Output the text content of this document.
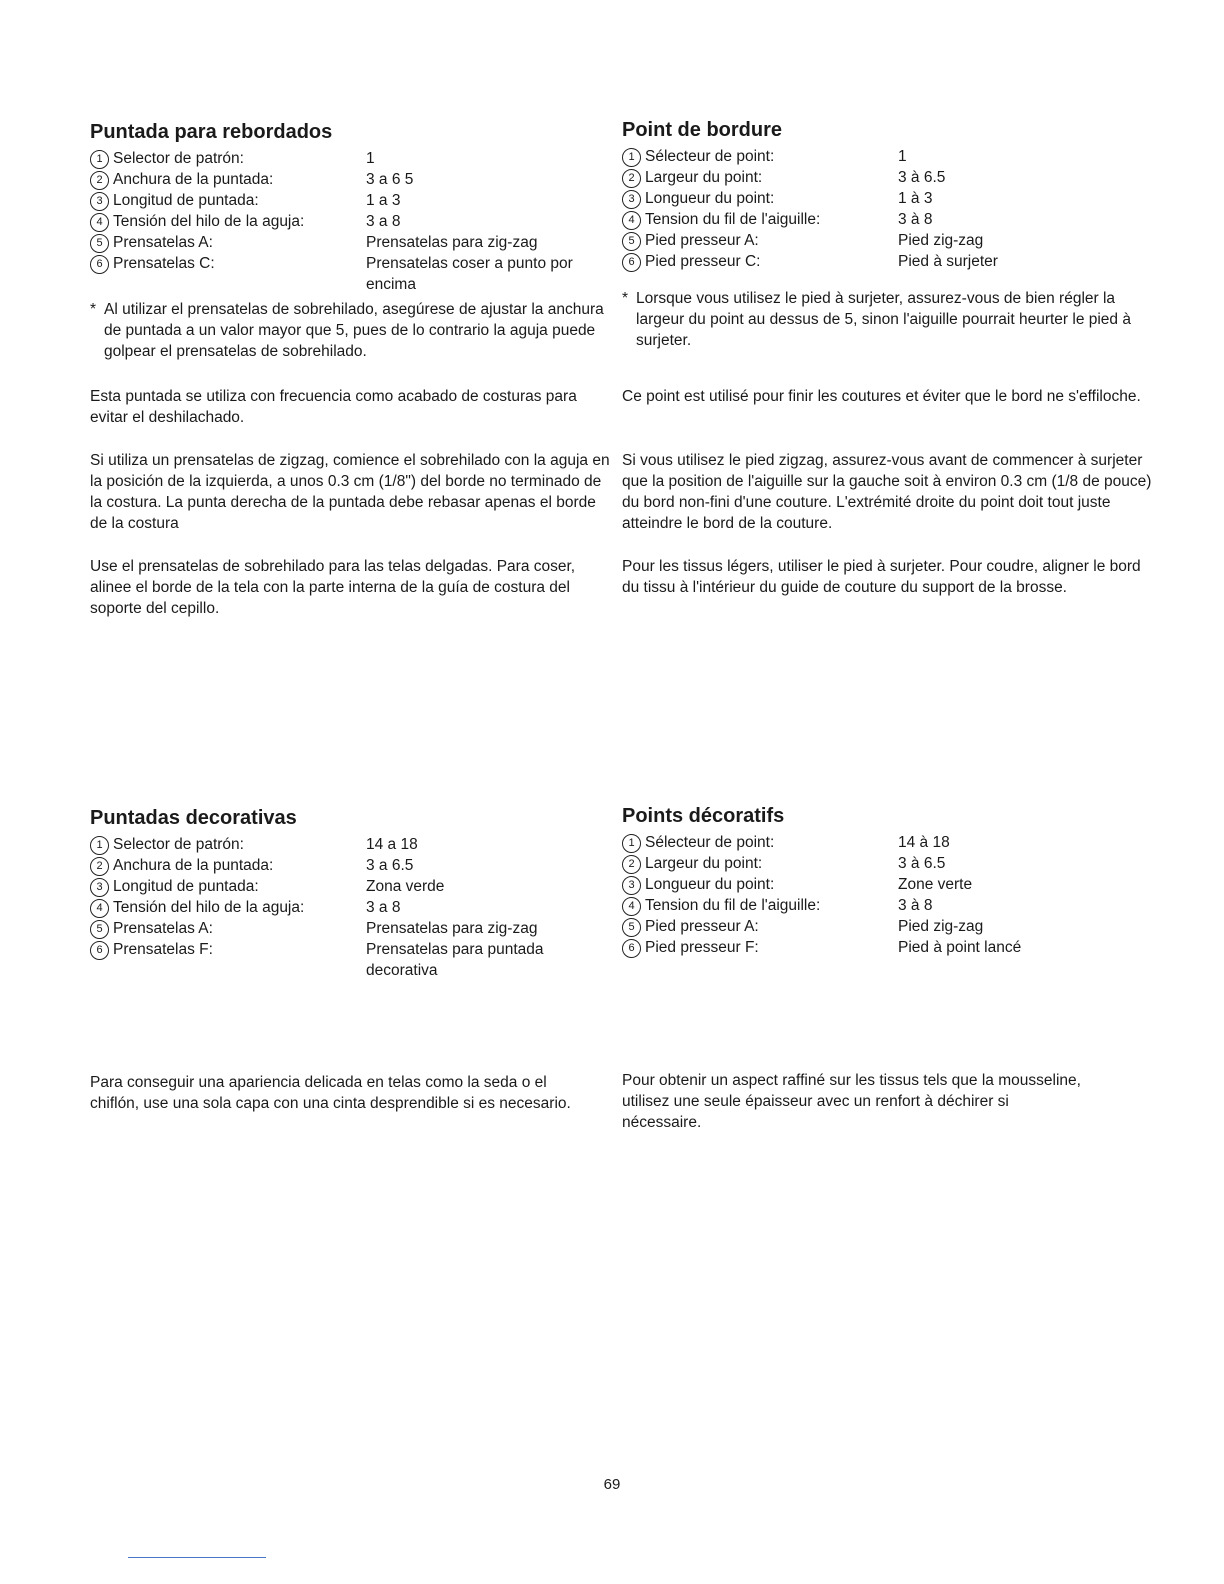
Puntada para rebordados
1 Selector de patrón:	1
2 Anchura de la puntada:	3 a 6 5
3 Longitud de puntada:	1 a 3
4 Tensión del hilo de la aguja:	3 a 8
5 Prensatelas A:	Prensatelas para zig-zag
6 Prensatelas C:	Prensatelas coser a punto por encima
* Al utilizar el prensatelas de sobrehilado, asegúrese de ajustar la anchura de puntada a un valor mayor que 5, pues de lo contrario la aguja puede golpear el prensatelas de sobrehilado.

Esta puntada se utiliza con frecuencia como acabado de costuras para evitar el deshilachado.

Si utiliza un prensatelas de zigzag, comience el sobrehilado con la aguja en la posición de la izquierda, a unos 0.3 cm (1/8") del borde no terminado de la costura. La punta derecha de la puntada debe rebasar apenas el borde de la costura

Use el prensatelas de sobrehilado para las telas delgadas. Para coser, alinee el borde de la tela con la parte interna de la guía de costura del soporte del cepillo.

Point de bordure
1 Sélecteur de point:	1
2 Largeur du point:	3 à 6.5
3 Longueur du point:	1 à 3
4 Tension du fil de l'aiguille:	3 à 8
5 Pied presseur A:	Pied zig-zag
6 Pied presseur C:	Pied à surjeter
* Lorsque vous utilisez le pied à surjeter, assurez-vous de bien régler la largeur du point au dessus de 5, sinon l'aiguille pourrait heurter le pied à surjeter.

Ce point est utilisé pour finir les coutures et éviter que le bord ne s'effiloche.

Si vous utilisez le pied zigzag, assurez-vous avant de commencer à surjeter que la position de l'aiguille sur la gauche soit à environ 0.3 cm (1/8 de pouce) du bord non-fini d'une couture. L'extrémité droite du point doit tout juste atteindre le bord de la couture.

Pour les tissus légers, utiliser le pied à surjeter. Pour coudre, aligner le bord du tissu à l'intérieur du guide de couture du support de la brosse.

Puntadas decorativas
1 Selector de patrón:	14 a 18
2 Anchura de la puntada:	3 a 6.5
3 Longitud de puntada:	Zona verde
4 Tensión del hilo de la aguja:	3 a 8
5 Prensatelas A:	Prensatelas para zig-zag
6 Prensatelas F:	Prensatelas para puntada decorativa

Para conseguir una apariencia delicada en telas como la seda o el chiflón, use una sola capa con una cinta desprendible si es necesario.

Points décoratifs
1 Sélecteur de point:	14 à 18
2 Largeur du point:	3 à 6.5
3 Longueur du point:	Zone verte
4 Tension du fil de l'aiguille:	3 à 8
5 Pied presseur A:	Pied zig-zag
6 Pied presseur F:	Pied à point lancé

Pour obtenir un aspect raffiné sur les tissus tels que la mousseline, utilisez une seule épaisseur avec un renfort à déchirer si nécessaire.

69
